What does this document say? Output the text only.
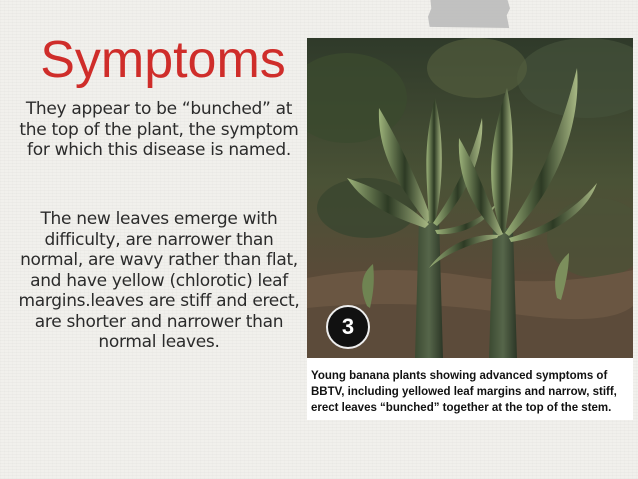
Symptoms
They appear to be “bunched” at the top of the plant, the symptom for which this disease is named.
The new leaves emerge with difficulty, are narrower than normal, are wavy rather than flat, and have yellow (chlorotic) leaf margins.leaves are stiff and erect, are shorter and narrower than normal leaves.
Young banana plants showing advanced symptoms of
BBTV, including yellowed leaf margins and narrow, stiff,
erect leaves “bunched” together at the top of the stem.
3
